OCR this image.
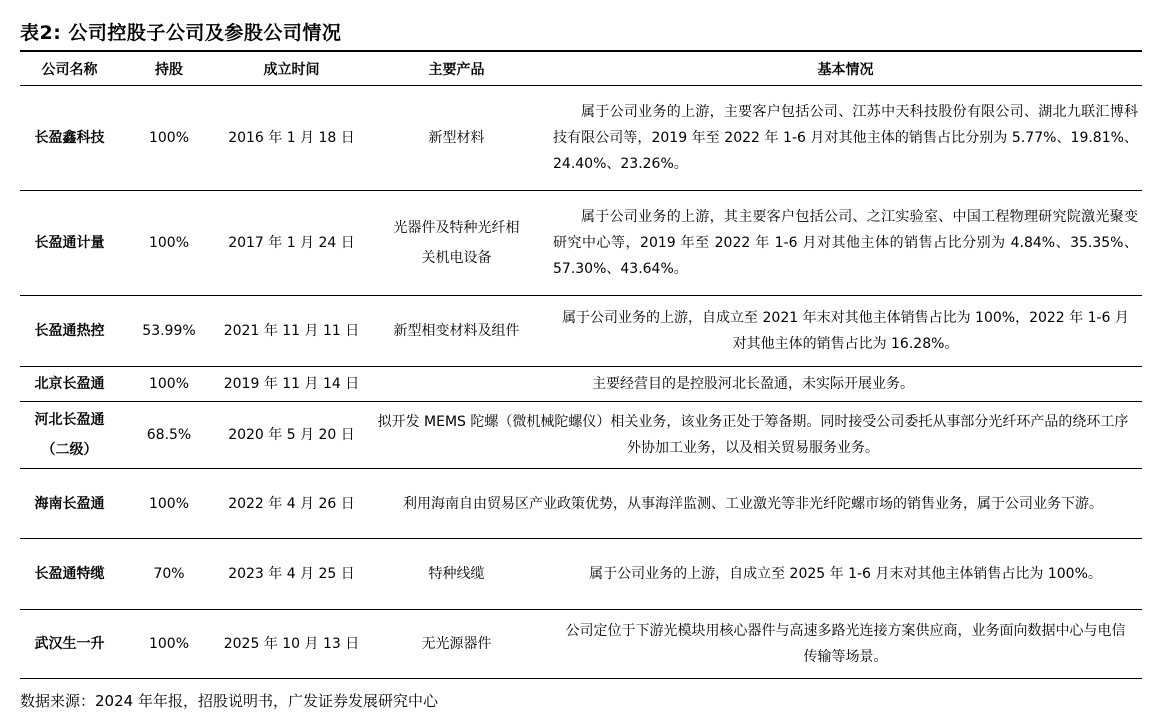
表2: 公司控股子公司及参股公司情况
公司名称	持股	成立时间	主要产品	基本情况
长盈鑫科技	100%	2016 年 1 月 18 日	新型材料	属于公司业务的上游，主要客户包括公司、江苏中天科技股份有限公司、湖北九联汇博科技有限公司等，2019 年至 2022 年 1-6 月对其他主体的销售占比分别为 5.77%、19.81%、24.40%、23.26%。

长盈通计量	100%	2017 年 1 月 24 日	光器件及特种光纤相关机电设备	属于公司业务的上游，其主要客户包括公司、之江实验室、中国工程物理研究院激光聚变研究中心等，2019 年至 2022 年 1-6 月对其他主体的销售占比分别为 4.84%、35.35%、57.30%、43.64%。

长盈通热控	53.99%	2021 年 11 月 11 日	新型相变材料及组件	属于公司业务的上游，自成立至 2021 年末对其他主体销售占比为 100%，2022 年 1-6 月对其他主体的销售占比为 16.28%。

北京长盈通	100%	2019 年 11 月 14 日	主要经营目的是控股河北长盈通，未实际开展业务。	

河北长盈通（二级）	68.5%	2020 年 5 月 20 日	拟开发 MEMS 陀螺（微机械陀螺仪）相关业务，该业务正处于筹备期。同时接受公司委托从事部分光纤环产品的绕环工序外协加工业务，以及相关贸易服务业务。	

海南长盈通	100%	2022 年 4 月 26 日	利用海南自由贸易区产业政策优势，从事海洋监测、工业激光等非光纤陀螺市场的销售业务，属于公司业务下游。	

长盈通特缆	70%	2023 年 4 月 25 日	特种线缆	属于公司业务的上游，自成立至 2025 年 1-6 月末对其他主体销售占比为 100%。

武汉生一升	100%	2025 年 10 月 13 日	无光源器件	公司定位于下游光模块用核心器件与高速多路光连接方案供应商，业务面向数据中心与电信传输等场景。
数据来源：2024 年年报，招股说明书，广发证券发展研究中心
